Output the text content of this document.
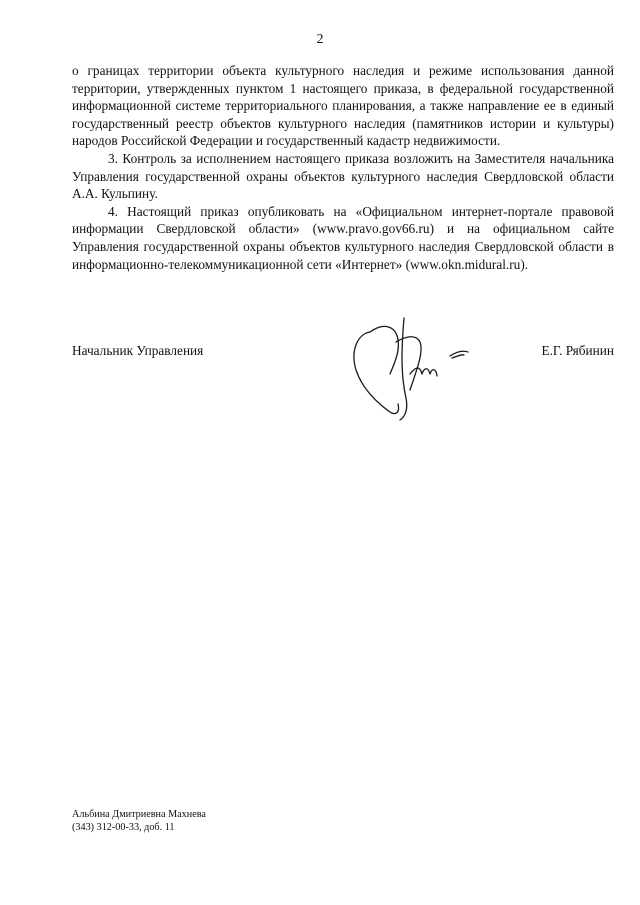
2

о границах территории объекта культурного наследия и режиме использования данной территории, утвержденных пунктом 1 настоящего приказа, в федеральной государственной информационной системе территориального планирования, а также направление ее в единый государственный реестр объектов культурного наследия (памятников истории и культуры) народов Российской Федерации и государственный кадастр недвижимости.

3. Контроль за исполнением настоящего приказа возложить на Заместителя начальника Управления государственной охраны объектов культурного наследия Свердловской области А.А. Кульпину.

4. Настоящий приказ опубликовать на «Официальном интернет-портале правовой информации Свердловской области» (www.pravo.gov66.ru) и на официальном сайте Управления государственной охраны объектов культурного наследия Свердловской области в информационно-телекоммуникационной сети «Интернет» (www.okn.midural.ru).

Начальник Управления	Е.Г. Рябинин
Альбина Дмитриевна Махнева
(343) 312-00-33, доб. 11
